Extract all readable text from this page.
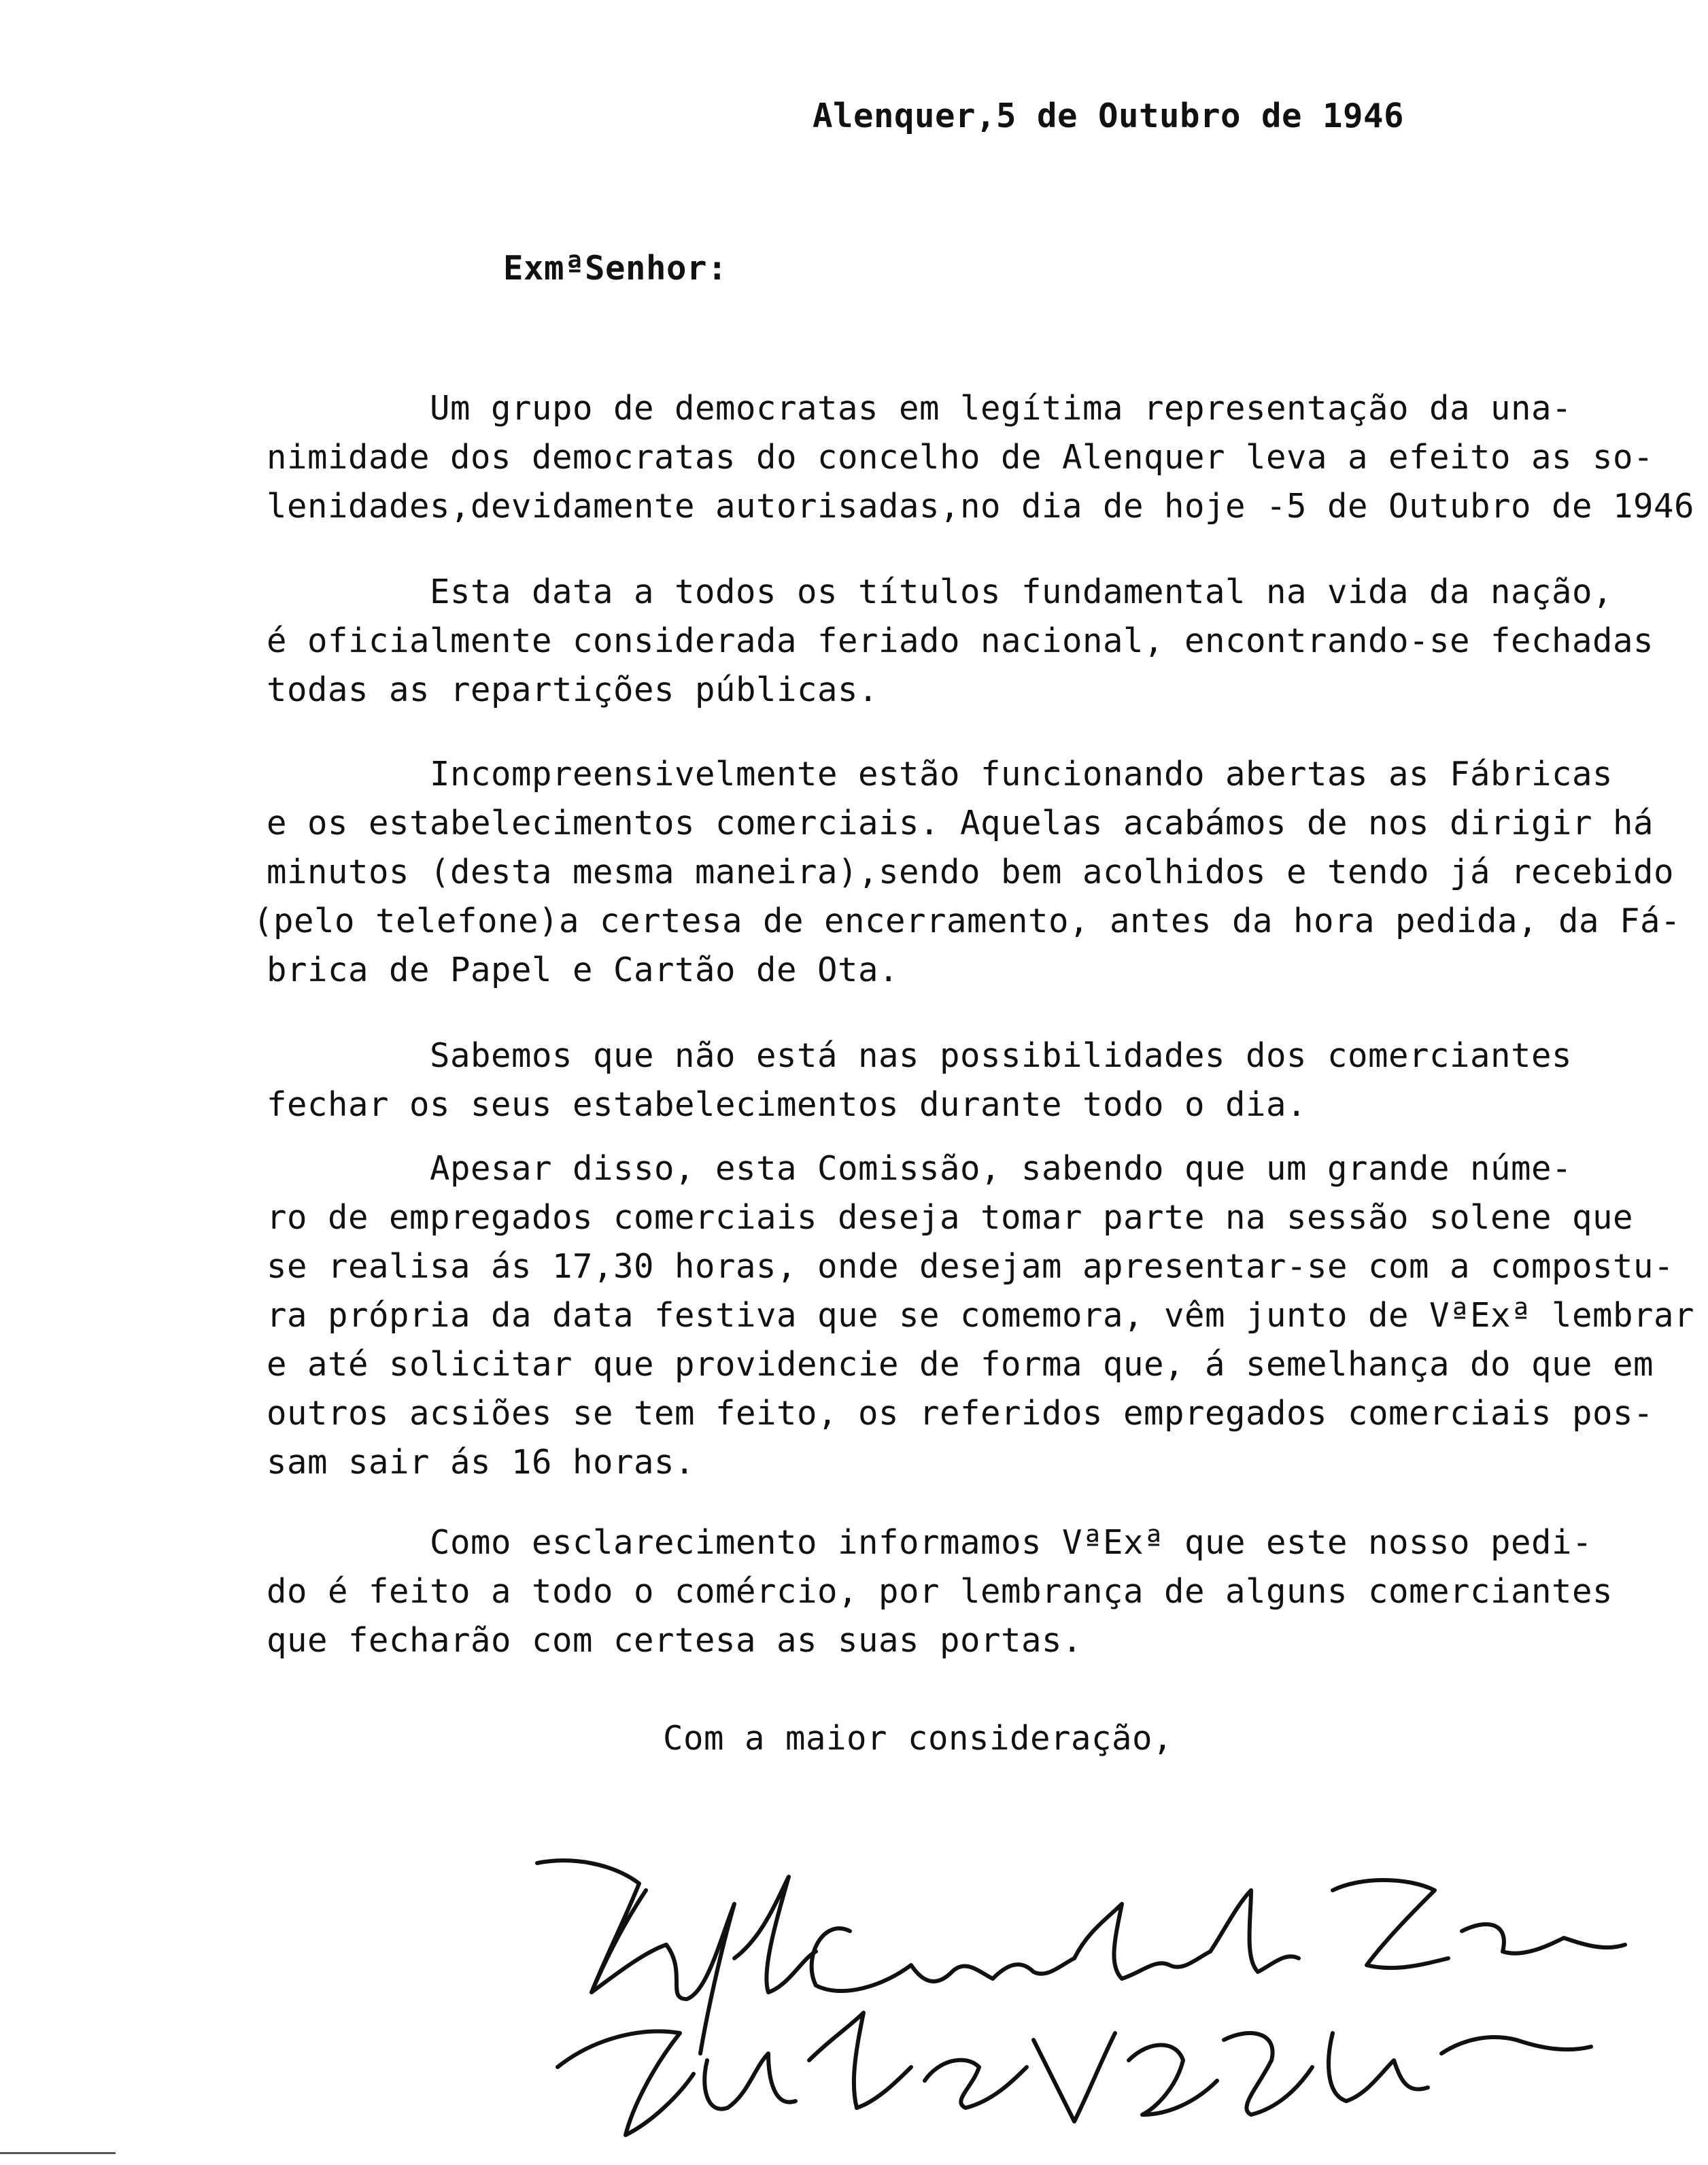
Alenquer,5 de Outubro de 1946
ExmªSenhor:
Um grupo de democratas em legítima representação da una-
nimidade dos democratas do concelho de Alenquer leva a efeito as so-
lenidades,devidamente autorisadas,no dia de hoje -5 de Outubro de 1946
Esta data a todos os títulos fundamental na vida da nação,
é oficialmente considerada feriado nacional, encontrando-se fechadas
todas as repartições públicas.
Incompreensivelmente estão funcionando abertas as Fábricas
e os estabelecimentos comerciais. Aquelas acabámos de nos dirigir há
minutos (desta mesma maneira),sendo bem acolhidos e tendo já recebido
(pelo telefone)a certesa de encerramento, antes da hora pedida, da Fá-
brica de Papel e Cartão de Ota.
Sabemos que não está nas possibilidades dos comerciantes
fechar os seus estabelecimentos durante todo o dia.
Apesar disso, esta Comissão, sabendo que um grande núme-
ro de empregados comerciais deseja tomar parte na sessão solene que
se realisa ás 17,30 horas, onde desejam apresentar-se com a compostu-
ra própria da data festiva que se comemora, vêm junto de VªExª lembrar
e até solicitar que providencie de forma que, á semelhança do que em
outros acsiões se tem feito, os referidos empregados comerciais pos-
sam sair ás 16 horas.
Como esclarecimento informamos VªExª que este nosso pedi-
do é feito a todo o comércio, por lembrança de alguns comerciantes
que fecharão com certesa as suas portas.
Com a maior consideração,
